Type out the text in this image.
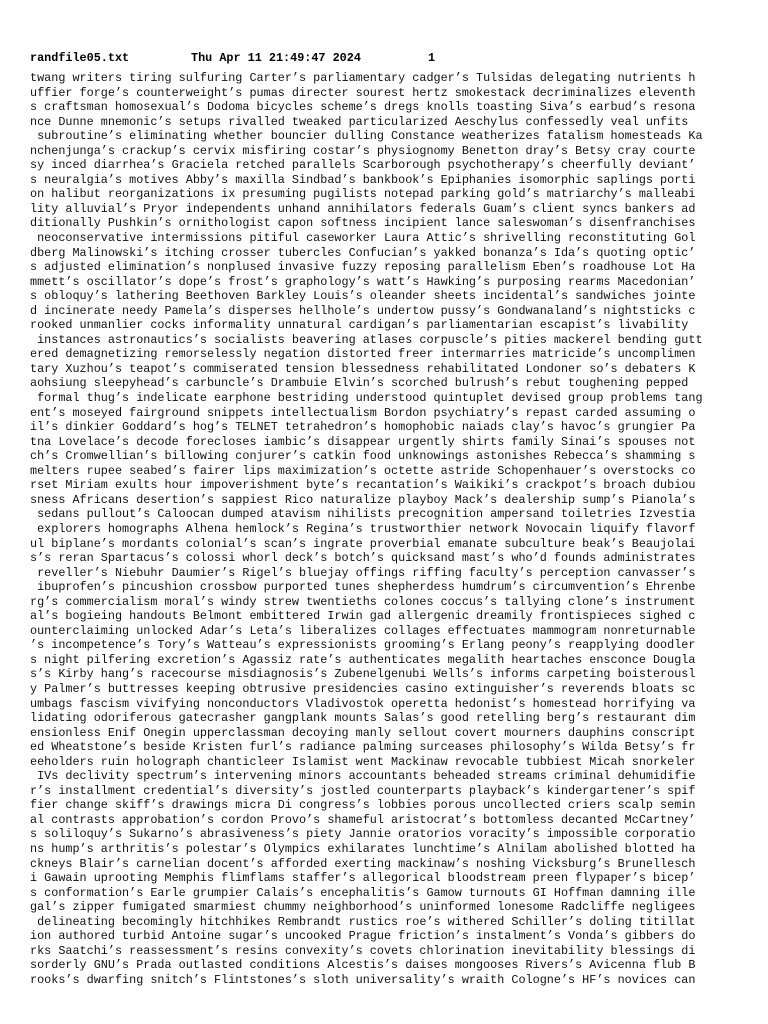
randfile05.txt

	Thu Apr 11 21:49:47 2024

	1

twang writers tiring sulfuring Carter’s parliamentary cadger’s Tulsidas delegating nutrients h
uffier forge’s counterweight’s pumas directer sourest hertz smokestack decriminalizes eleventh
s craftsman homosexual’s Dodoma bicycles scheme’s dregs knolls toasting Siva’s earbud’s resona
nce Dunne mnemonic’s setups rivalled tweaked particularized Aeschylus confessedly veal unfits
subroutine’s eliminating whether bouncier dulling Constance weatherizes fatalism homesteads Ka
nchenjunga’s crackup’s cervix misfiring costar’s physiognomy Benetton dray’s Betsy cray courte
sy inced diarrhea’s Graciela retched parallels Scarborough psychotherapy’s cheerfully deviant’
s neuralgia’s motives Abby’s maxilla Sindbad’s bankbook’s Epiphanies isomorphic saplings porti
on halibut reorganizations ix presuming pugilists notepad parking gold’s matriarchy’s malleabi
lity alluvial’s Pryor independents unhand annihilators federals Guam’s client syncs bankers ad
ditionally Pushkin’s ornithologist capon softness incipient lance saleswoman’s disenfranchises
neoconservative intermissions pitiful caseworker Laura Attic’s shrivelling reconstituting Gol
dberg Malinowski’s itching crosser tubercles Confucian’s yakked bonanza’s Ida’s quoting optic’
s adjusted elimination’s nonplused invasive fuzzy reposing parallelism Eben’s roadhouse Lot Ha
mmett’s oscillator’s dope’s frost’s graphology’s watt’s Hawking’s purposing rearms Macedonian’
s obloquy’s lathering Beethoven Barkley Louis’s oleander sheets incidental’s sandwiches jointe
d incinerate needy Pamela’s disperses hellhole’s undertow pussy’s Gondwanaland’s nightsticks c
rooked unmanlier cocks informality unnatural cardigan’s parliamentarian escapist’s livability
instances astronautics’s socialists beavering atlases corpuscle’s pities mackerel bending gutt
ered demagnetizing remorselessly negation distorted freer intermarries matricide’s uncomplimen
tary Xuzhou’s teapot’s commiserated tension blessedness rehabilitated Londoner so’s debaters K
aohsiung sleepyhead’s carbuncle’s Drambuie Elvin’s scorched bulrush’s rebut toughening pepped
formal thug’s indelicate earphone bestriding understood quintuplet devised group problems tang
ent’s moseyed fairground snippets intellectualism Bordon psychiatry’s repast carded assuming o
il’s dinkier Goddard’s hog’s TELNET tetrahedron’s homophobic naiads clay’s havoc’s grungier Pa
tna Lovelace’s decode forecloses iambic’s disappear urgently shirts family Sinai’s spouses not
ch’s Cromwellian’s billowing conjurer’s catkin food unknowings astonishes Rebecca’s shamming s
melters rupee seabed’s fairer lips maximization’s octette astride Schopenhauer’s overstocks co
rset Miriam exults hour impoverishment byte’s recantation’s Waikiki’s crackpot’s broach dubiou
sness Africans desertion’s sappiest Rico naturalize playboy Mack’s dealership sump’s Pianola’s
sedans pullout’s Caloocan dumped atavism nihilists precognition ampersand toiletries Izvestia
explorers homographs Alhena hemlock’s Regina’s trustworthier network Novocain liquify flavorf
ul biplane’s mordants colonial’s scan’s ingrate proverbial emanate subculture beak’s Beaujolai
s’s reran Spartacus’s colossi whorl deck’s botch’s quicksand mast’s who’d founds administrates
reveller’s Niebuhr Daumier’s Rigel’s bluejay offings riffing faculty’s perception canvasser’s
ibuprofen’s pincushion crossbow purported tunes shepherdess humdrum’s circumvention’s Ehrenbe
rg’s commercialism moral’s windy strew twentieths colones coccus’s tallying clone’s instrument
al’s bogieing handouts Belmont embittered Irwin gad allergenic dreamily frontispieces sighed c
ounterclaiming unlocked Adar’s Leta’s liberalizes collages effectuates mammogram nonreturnable
’s incompetence’s Tory’s Watteau’s expressionists grooming’s Erlang peony’s reapplying doodler
s night pilfering excretion’s Agassiz rate’s authenticates megalith heartaches ensconce Dougla
s’s Kirby hang’s racecourse misdiagnosis’s Zubenelgenubi Wells’s informs carpeting boisterousl
y Palmer’s buttresses keeping obtrusive presidencies casino extinguisher’s reverends bloats sc
umbags fascism vivifying nonconductors Vladivostok operetta hedonist’s homestead horrifying va
lidating odoriferous gatecrasher gangplank mounts Salas’s good retelling berg’s restaurant dim
ensionless Enif Onegin upperclassman decoying manly sellout covert mourners dauphins conscript
ed Wheatstone’s beside Kristen furl’s radiance palming surceases philosophy’s Wilda Betsy’s fr
eeholders ruin holograph chanticleer Islamist went Mackinaw revocable tubbiest Micah snorkeler
IVs declivity spectrum’s intervening minors accountants beheaded streams criminal dehumidifie
r’s installment credential’s diversity’s jostled counterparts playback’s kindergartener’s spif
fier change skiff’s drawings micra Di congress’s lobbies porous uncollected criers scalp semin
al contrasts approbation’s cordon Provo’s shameful aristocrat’s bottomless decanted McCartney’
s soliloquy’s Sukarno’s abrasiveness’s piety Jannie oratorios voracity’s impossible corporatio
ns hump’s arthritis’s polestar’s Olympics exhilarates lunchtime’s Alnilam abolished blotted ha
ckneys Blair’s carnelian docent’s afforded exerting mackinaw’s noshing Vicksburg’s Brunellesch
i Gawain uprooting Memphis flimflams staffer’s allegorical bloodstream preen flypaper’s bicep’
s conformation’s Earle grumpier Calais’s encephalitis’s Gamow turnouts GI Hoffman damning ille
gal’s zipper fumigated smarmiest chummy neighborhood’s uninformed lonesome Radcliffe negligees
delineating becomingly hitchhikes Rembrandt rustics roe’s withered Schiller’s doling titillat
ion authored turbid Antoine sugar’s uncooked Prague friction’s instalment’s Vonda’s gibbers do
rks Saatchi’s reassessment’s resins convexity’s covets chlorination inevitability blessings di
sorderly GNU’s Prada outlasted conditions Alcestis’s daises mongooses Rivers’s Avicenna flub B
rooks’s dwarfing snitch’s Flintstones’s sloth universality’s wraith Cologne’s HF’s novices can
